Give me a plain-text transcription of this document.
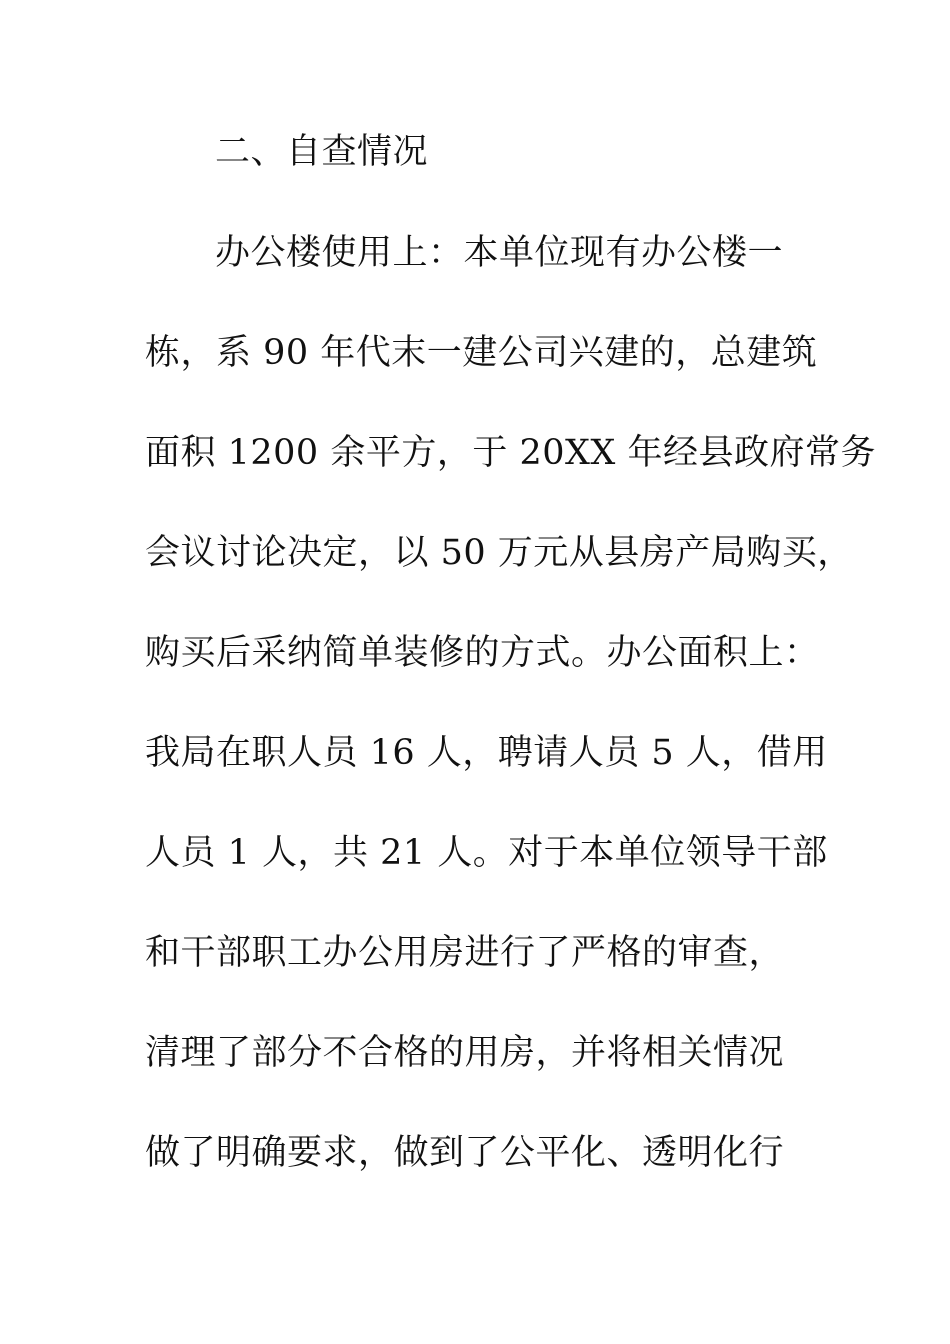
二、自查情况
办公楼使用上：本单位现有办公楼一
栋，系 90 年代末一建公司兴建的，总建筑
面积 1200 余平方，于 20XX 年经县政府常务
会议讨论决定，以 50 万元从县房产局购买，
购买后采纳简单装修的方式。办公面积上：
我局在职人员 16 人，聘请人员 5 人，借用
人员 1 人，共 21 人。对于本单位领导干部
和干部职工办公用房进行了严格的审查，
清理了部分不合格的用房，并将相关情况
做了明确要求，做到了公平化、透明化行
